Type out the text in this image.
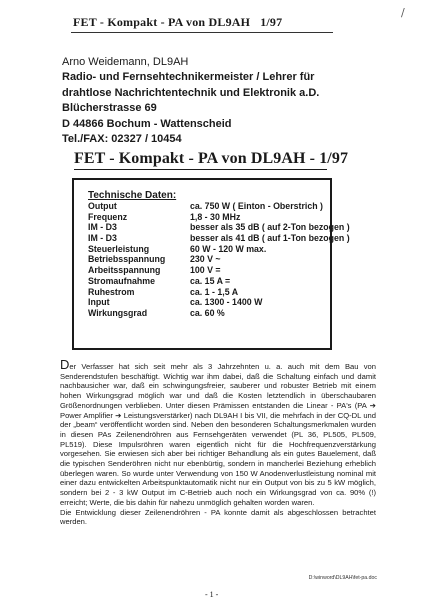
/
FET - Kompakt - PA von DL9AH 1/97
Arno Weidemann, DL9AH
Radio- und Fernsehtechnikermeister / Lehrer für
drahtlose Nachrichtentechnik und Elektronik a.D.
Blücherstrasse 69
D 44866 Bochum - Wattenscheid
Tel./FAX: 02327 / 10454
FET - Kompakt - PA von DL9AH - 1/97
Technische Daten:
Output	ca. 750 W ( Einton - Oberstrich )
Frequenz	1,8 - 30 MHz
IM - D3	besser als 35 dB ( auf 2-Ton bezogen )
IM - D3	besser als 41 dB ( auf 1-Ton bezogen )
Steuerleistung	60 W - 120 W max.
Betriebsspannung	230 V ~
Arbeitsspannung	100 V =
Stromaufnahme	ca. 15 A =
Ruhestrom	ca. 1 - 1,5 A
Input	ca. 1300 - 1400 W
Wirkungsgrad	ca. 60 %

Der Verfasser hat sich seit mehr als 3 Jahrzehnten u. a. auch mit dem Bau von Senderendstufen beschäftigt. Wichtig war ihm dabei, daß die Schaltung einfach und damit nachbausicher war, daß ein schwingungsfreier, sauberer und robuster Betrieb mit einem hohen Wirkungsgrad möglich war und daß die Kosten letztendlich in überschaubaren Größenordnungen verblieben. Unter diesen Prämissen entstanden die Linear - PA's (PA ➔ Power Amplifier ➔ Leistungsverstärker) nach DL9AH I bis VII, die mehrfach in der CQ-DL und der „beam“ veröffentlicht worden sind. Neben den besonderen Schaltungsmerkmalen wurden in diesen PAs Zeilenendröhren aus Fernsehgeräten verwendet (PL 36, PL505, PL509, PL519). Diese Impulsröhren waren eigentlich nicht für die Hochfrequenzverstärkung vorgesehen. Sie erwiesen sich aber bei richtiger Behandlung als ein gutes Bauelement, daß die typischen Senderöhren nicht nur ebenbürtig, sondern in mancherlei Beziehung erheblich überlegen waren. So wurde unter Verwendung von 150 W Anodenverlustleistung nominal mit einer dazu entwickelten Arbeitspunktautomatik nicht nur ein Output von bis zu 5 kW möglich, sondern bei 2 - 3 kW Output im C-Betrieb auch noch ein Wirkungsgrad von ca. 90% (!) erreicht; Werte, die bis dahin für nahezu unmöglich gehalten worden waren.

Die Entwicklung dieser Zeilenendröhren - PA konnte damit als abgeschlossen betrachtet werden.

D:\winword\DL9AH\fet-pa.doc
- 1 -
